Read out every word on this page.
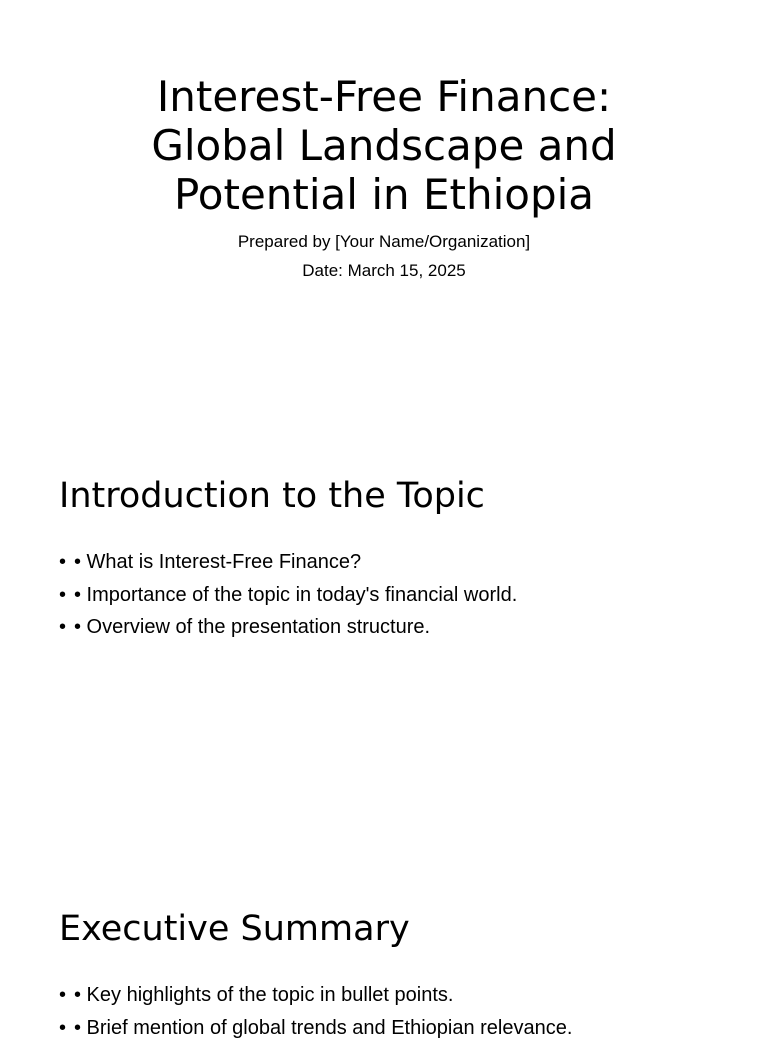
Interest-Free Finance:
Global Landscape and
Potential in Ethiopia
Prepared by [Your Name/Organization]
Date: March 15, 2025
Introduction to the Topic
• • What is Interest-Free Finance?
• • Importance of the topic in today's financial world.
• • Overview of the presentation structure.
Executive Summary
• • Key highlights of the topic in bullet points.
• • Brief mention of global trends and Ethiopian relevance.
